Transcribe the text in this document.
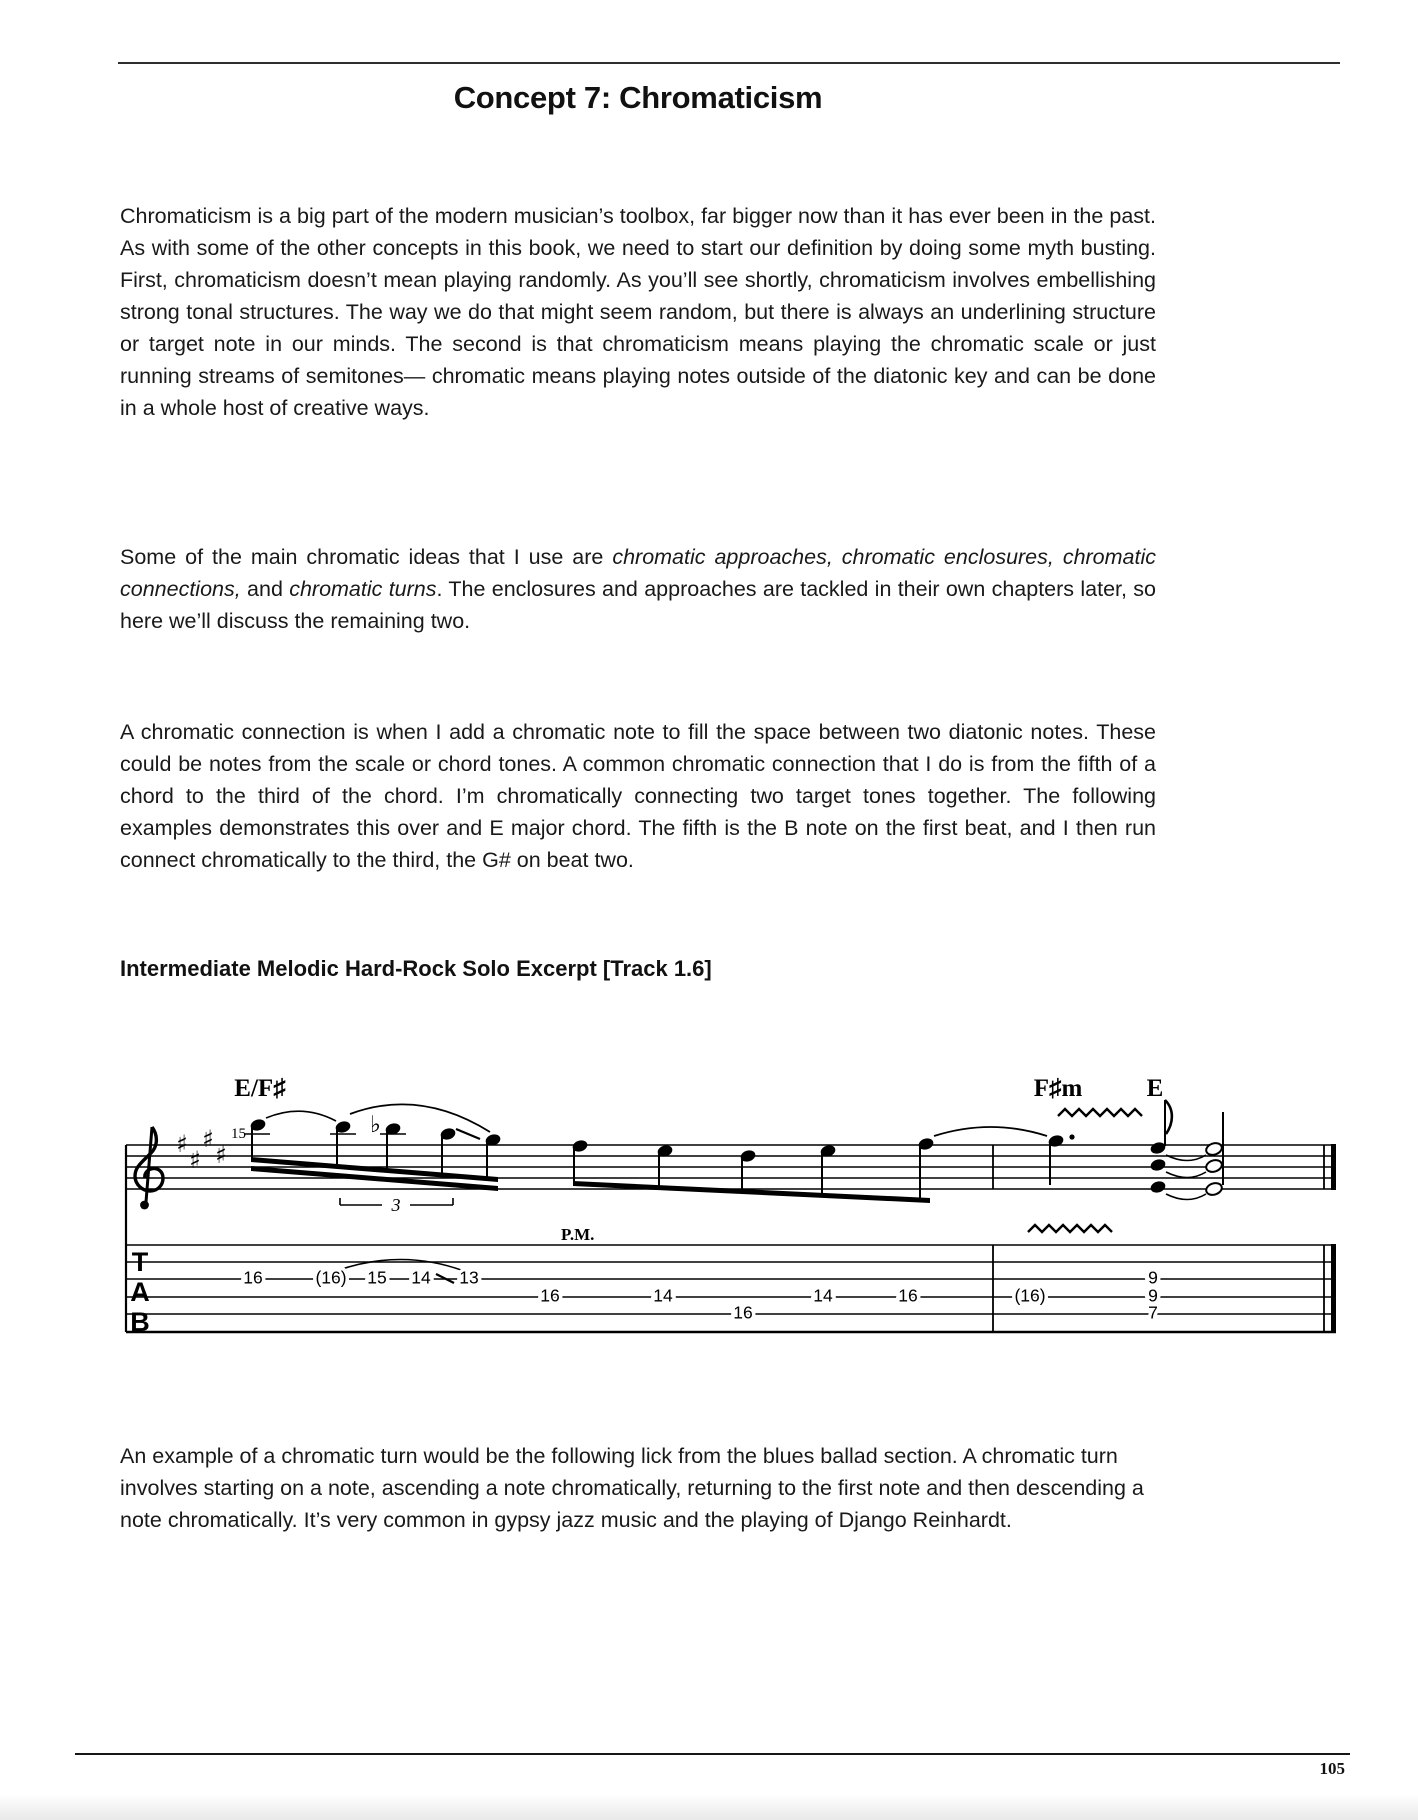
Concept 7: Chromaticism

Chromaticism is a big part of the modern musician’s toolbox, far bigger now than it has ever been in the past. As with some of the other concepts in this book, we need to start our definition by doing some myth busting. First, chromaticism doesn’t mean playing randomly. As you’ll see shortly, chromaticism involves embellishing strong tonal structures. The way we do that might seem random, but there is always an underlining structure or target note in our minds. The second is that chromaticism means playing the chromatic scale or just running streams of semitones— chromatic means playing notes outside of the diatonic key and can be done in a whole host of creative ways.

Some of the main chromatic ideas that I use are chromatic approaches, chromatic enclosures, chromatic connections, and chromatic turns. The enclosures and approaches are tackled in their own chapters later, so here we’ll discuss the remaining two.

A chromatic connection is when I add a chromatic note to fill the space between two diatonic notes. These could be notes from the scale or chord tones. A common chromatic connection that I do is from the fifth of a chord to the third of the chord. I’m chromatically connecting two target tones together. The following examples demonstrates this over and E major chord. The fifth is the B note on the first beat, and I then run connect chromatically to the third, the G# on beat two.

Intermediate Melodic Hard-Rock Solo Excerpt [Track 1.6]
E/F♯	F♯m	E
♯
♯
♯
♯
15	♭
3
P.M.
T
A
B
16	(16) 15 14 13
16	14
16
14	16	(16)
9
9
7

An example of a chromatic turn would be the following lick from the blues ballad section. A chromatic turn involves starting on a note, ascending a note chromatically, returning to the first note and then descending a note chromatically. It’s very common in gypsy jazz music and the playing of Django Reinhardt.

105
